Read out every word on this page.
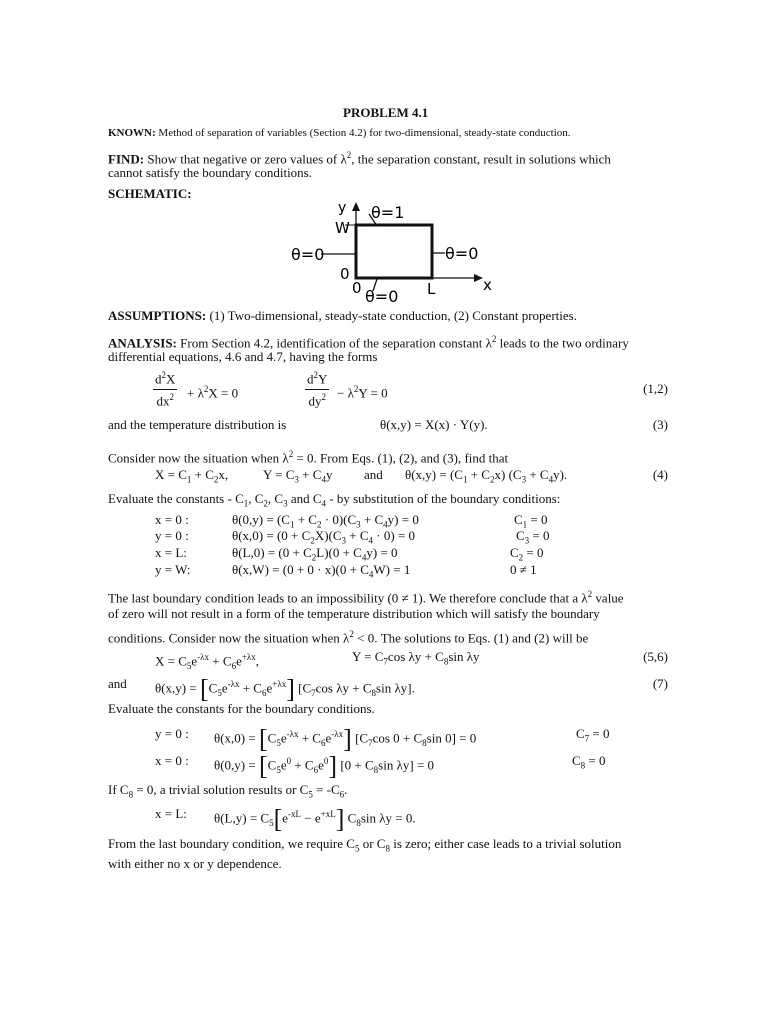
PROBLEM 4.1
KNOWN: Method of separation of variables (Section 4.2) for two-dimensional, steady-state conduction.
FIND: Show that negative or zero values of $\lambda^2$, the separation constant, result in solutions which
cannot satisfy the boundary conditions.
SCHEMATIC:
y θ=1
W
θ=0	θ=0
0
0 θ=0 L	x
ASSUMPTIONS: (1) Two-dimensional, steady-state conduction, (2) Constant properties.
ANALYSIS: From Section 4.2, identification of the separation constant $\lambda^2$ leads to the two ordinary
differential equations, 4.6 and 4.7, having the forms
$\frac{d^2X}{dx^2} + \lambda^2X = 0$	$\frac{d^2Y}{dy^2} - \lambda^2Y = 0$	(1,2)
and the temperature distribution is	θ(x,y) = X(x) · Y(y).	(3)
Consider now the situation when $\lambda^2 = 0$. From Eqs. (1), (2), and (3), find that
$X = C_1 + C_2x$,	$Y = C_3 + C_4y$ and $\theta(x,y) = (C_1 + C_2x) (C_3 + C_4y)$.	(4)
Evaluate the constants - $C_1$, $C_2$, $C_3$ and $C_4$ - by substitution of the boundary conditions:
x = 0 :	$\theta(0,y) = (C_1 + C_2 \cdot 0)(C_3 + C_4y) = 0$	$C_1 = 0$
y = 0 :	$\theta(x,0) = (0 + C_2X)(C_3 + C_4 \cdot 0) = 0$	$C_3 = 0$
x = L:	$\theta(L,0) = (0 + C_2L)(0 + C_4y) = 0$	$C_2 = 0$
y = W:	$\theta(x,W) = (0 + 0 \cdot x)(0 + C_4W) = 1$	0 ≠ 1
The last boundary condition leads to an impossibility (0 ≠ 1). We therefore conclude that a $\lambda^2$ value
of zero will not result in a form of the temperature distribution which will satisfy the boundary
conditions. Consider now the situation when $\lambda^2 < 0$. The solutions to Eqs. (1) and (2) will be
$X = C_5e^{-\lambda x} + C_6e^{+\lambda x}$,	$Y = C_7\cos$ $\lambda y + C_8\sin$ λy	(5,6)
and $\theta(x,y) = [C_5e^{-\lambda x} + C_6e^{+\lambda x}]$ [$C_7\cos$ $\lambda y + C_8\sin$ λy].	(7)
Evaluate the constants for the boundary conditions.
y = 0 : $\theta(x,0) = [C_5e^{-\lambda x} + C_6e^{-\lambda x}]$ [$C_7\cos$ $0 + C_8\sin$ 0] = 0	$C_7 = 0$
x = 0 : $\theta(0,y) = [C_5e^0 + C_6e^0] [0 + C_8\sin$ λy] = 0	$C_8 = 0$
If $C_8 = 0$, a trivial solution results or $C_5 = -C_6$.
x = L: $\theta(L,y) = C_5[e^{-xL} - e^{+xL}]$ $C_8\sin$ λy = 0.
From the last boundary condition, we require $C_5$ or $C_8$ is zero; either case leads to a trivial solution
with either no x or y dependence.
